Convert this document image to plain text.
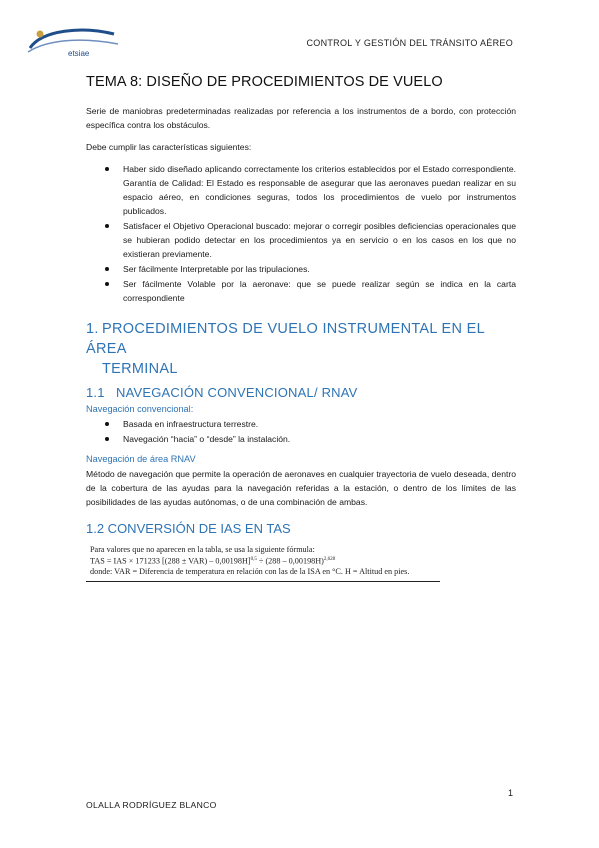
etsiae
CONTROL Y GESTIÓN DEL TRÁNSITO AÉREO
TEMA 8: DISEÑO DE PROCEDIMIENTOS DE VUELO

Serie de maniobras predeterminadas realizadas por referencia a los instrumentos de a bordo, con protección específica contra los obstáculos.

Debe cumplir las características siguientes:

Haber sido diseñado aplicando correctamente los criterios establecidos por el Estado correspondiente. Garantía de Calidad: El Estado es responsable de asegurar que las aeronaves puedan realizar en su espacio aéreo, en condiciones seguras, todos los procedimientos de vuelo por instrumentos publicados.
Satisfacer el Objetivo Operacional buscado: mejorar o corregir posibles deficiencias operacionales que se hubieran podido detectar en los procedimientos ya en servicio o en los casos en los que no existieran previamente.
Ser fácilmente Interpretable por las tripulaciones.
Ser fácilmente Volable por la aeronave: que se puede realizar según se indica en la carta correspondiente
1. PROCEDIMIENTOS DE VUELO INSTRUMENTAL EN EL ÁREA
TERMINAL
1.1 NAVEGACIÓN CONVENCIONAL/ RNAV
Navegación convencional:
Basada en infraestructura terrestre.
Navegación “hacia” o “desde” la instalación.
Navegación de área RNAV

Método de navegación que permite la operación de aeronaves en cualquier trayectoria de vuelo deseada, dentro de la cobertura de las ayudas para la navegación referidas a la estación, o dentro de los límites de las posibilidades de las ayudas autónomas, o de una combinación de ambas.

1.2 CONVERSIÓN DE IAS EN TAS
Para valores que no aparecen en la tabla, se usa la siguiente fórmula:
TAS = IAS × 171233 $[(288 \pm VAR) - 0,00198H]^{0,5} \div (288 - 0,00198H)^{2,628}$
donde: VAR = Diferencia de temperatura en relación con las de la ISA en °C. H = Altitud en pies.
1
OLALLA RODRÍGUEZ BLANCO
